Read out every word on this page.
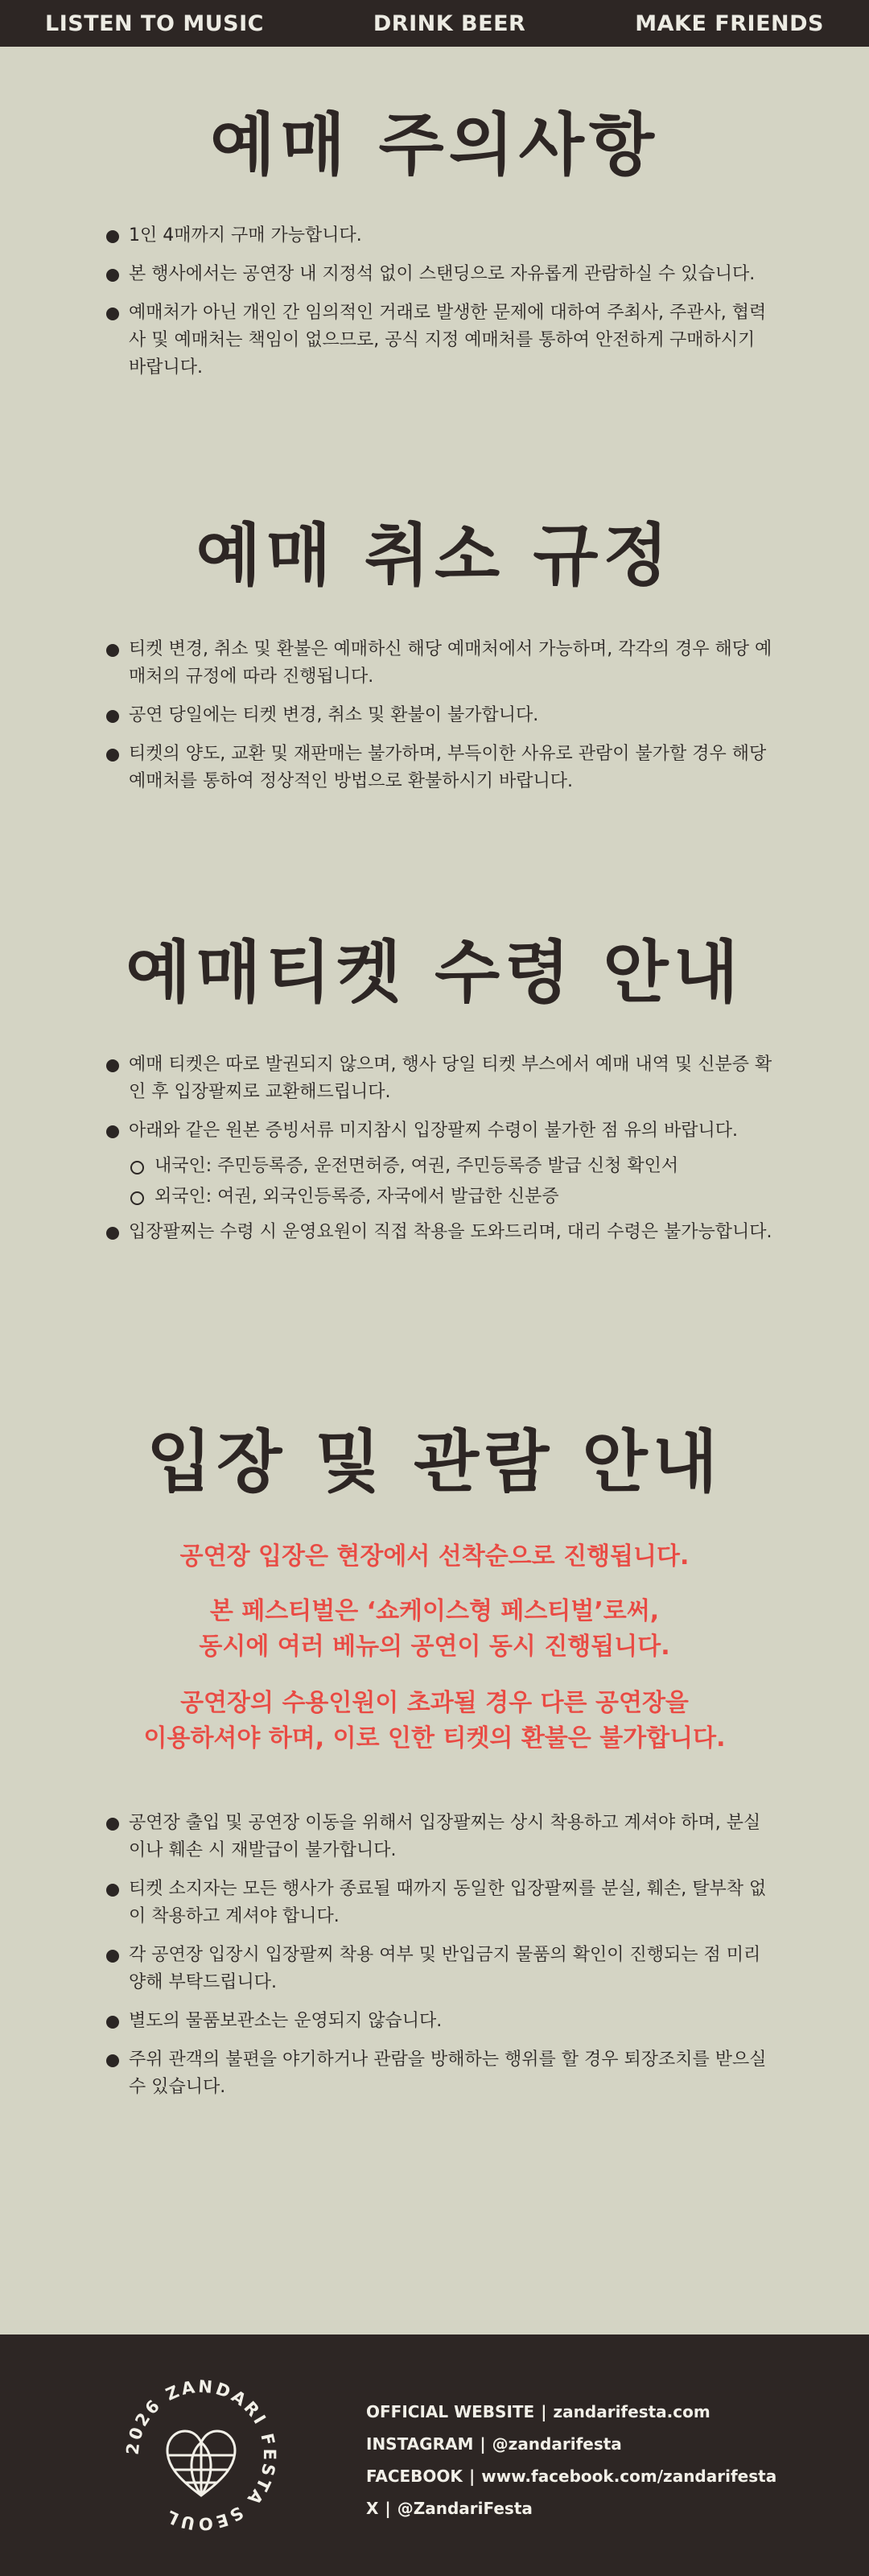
LISTEN TO MUSIC	DRINK BEER	MAKE FRIENDS
예매 주의사항
1인 4매까지 구매 가능합니다.
본 행사에서는 공연장 내 지정석 없이 스탠딩으로 자유롭게 관람하실 수 있습니다.
예매처가 아닌 개인 간 임의적인 거래로 발생한 문제에 대하여 주최사, 주관사, 협력사 및 예매처는 책임이 없으므로, 공식 지정 예매처를 통하여 안전하게 구매하시기 바랍니다.
예매 취소 규정
티켓 변경, 취소 및 환불은 예매하신 해당 예매처에서 가능하며, 각각의 경우 해당 예매처의 규정에 따라 진행됩니다.
공연 당일에는 티켓 변경, 취소 및 환불이 불가합니다.
티켓의 양도, 교환 및 재판매는 불가하며, 부득이한 사유로 관람이 불가할 경우 해당 예매처를 통하여 정상적인 방법으로 환불하시기 바랍니다.
예매티켓 수령 안내
예매 티켓은 따로 발권되지 않으며, 행사 당일 티켓 부스에서 예매 내역 및 신분증 확인 후 입장팔찌로 교환해드립니다.
아래와 같은 원본 증빙서류 미지참시 입장팔찌 수령이 불가한 점 유의 바랍니다.
내국인: 주민등록증, 운전면허증, 여권, 주민등록증 발급 신청 확인서
외국인: 여권, 외국인등록증, 자국에서 발급한 신분증
입장팔찌는 수령 시 운영요원이 직접 착용을 도와드리며, 대리 수령은 불가능합니다.
입장 및 관람 안내
공연장 입장은 현장에서 선착순으로 진행됩니다.
본 페스티벌은 ‘쇼케이스형 페스티벌’로써,
동시에 여러 베뉴의 공연이 동시 진행됩니다.
공연장의 수용인원이 초과될 경우 다른 공연장을
이용하셔야 하며, 이로 인한 티켓의 환불은 불가합니다.
공연장 출입 및 공연장 이동을 위해서 입장팔찌는 상시 착용하고 계셔야 하며, 분실이나 훼손 시 재발급이 불가합니다.
티켓 소지자는 모든 행사가 종료될 때까지 동일한 입장팔찌를 분실, 훼손, 탈부착 없이 착용하고 계셔야 합니다.
각 공연장 입장시 입장팔찌 착용 여부 및 반입금지 물품의 확인이 진행되는 점 미리 양해 부탁드립니다.
별도의 물품보관소는 운영되지 않습니다.
주위 관객의 불편을 야기하거나 관람을 방해하는 행위를 할 경우 퇴장조치를 받으실 수 있습니다.
2026 ZANDARI FESTA SEOUL
OFFICIAL WEBSITE | zandarifesta.com
INSTAGRAM | @zandarifesta
FACEBOOK | www.facebook.com/zandarifesta
X | @ZandariFesta
